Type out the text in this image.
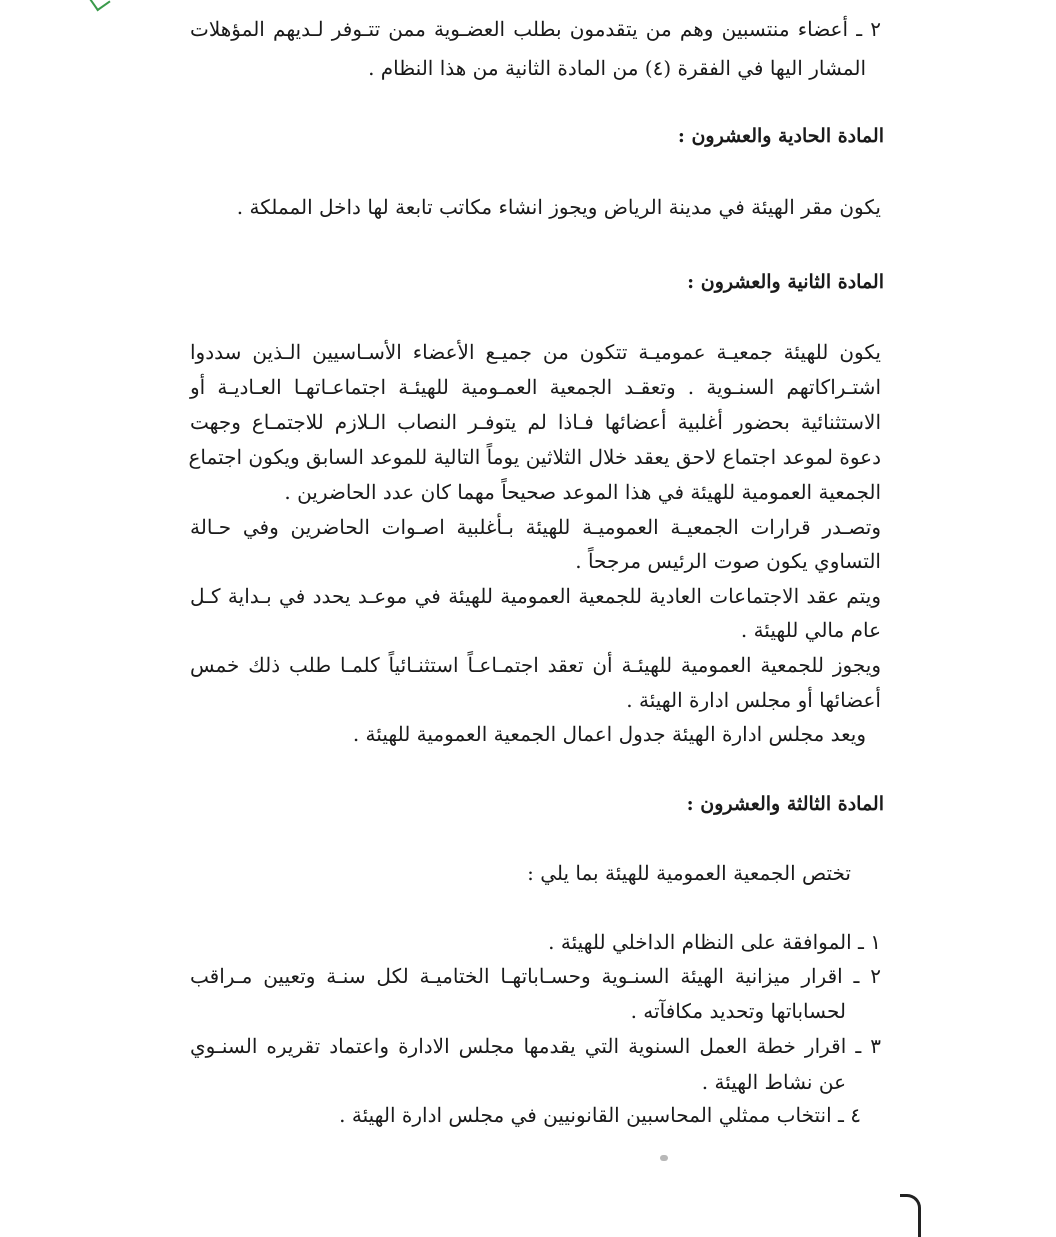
٢ ـ أعضاء منتسبين وهم من يتقدمون بطلب العضـوية ممن تتـوفر لـديهم المؤهلات
المشار اليها في الفقرة (٤) من المادة الثانية من هذا النظام .
المادة الحادية والعشرون :
يكون مقر الهيئة في مدينة الرياض ويجوز انشاء مكاتب تابعة لها داخل المملكة .
المادة الثانية والعشرون :
يكون للهيئة جمعيـة عموميـة تتكون من جميـع الأعضاء الأسـاسيين الـذين سددوا
اشتـراكاتهم السنـوية . وتعقـد الجمعية العمـومية للهيئـة اجتماعـاتهـا العـاديـة أو
الاستثنائية بحضور أغلبية أعضائها فـاذا لم يتوفـر النصاب الـلازم للاجتمـاع وجهت
دعوة لموعد اجتماع لاحق يعقد خلال الثلاثين يوماً التالية للموعد السابق ويكون اجتماع
الجمعية العمومية للهيئة في هذا الموعد صحيحاً مهما كان عدد الحاضرين .
وتصـدر قرارات الجمعيـة العموميـة للهيئة بـأغلبية اصـوات الحاضرين وفي حـالة
التساوي يكون صوت الرئيس مرجحاً .
ويتم عقد الاجتماعات العادية للجمعية العمومية للهيئة في موعـد يحدد في بـداية كـل
عام مالي للهيئة .
ويجوز للجمعية العمومية للهيئـة أن تعقد اجتمـاعـاً استثنـائياً كلمـا طلب ذلك خمس
أعضائها أو مجلس ادارة الهيئة .
ويعد مجلس ادارة الهيئة جدول اعمال الجمعية العمومية للهيئة .
المادة الثالثة والعشرون :
تختص الجمعية العمومية للهيئة بما يلي :
١ ـ الموافقة على النظام الداخلي للهيئة .
٢ ـ اقرار ميزانية الهيئة السنـوية وحسـاباتهـا الختاميـة لكل سنـة وتعيين مـراقب
لحساباتها وتحديد مكافآته .
٣ ـ اقرار خطة العمل السنوية التي يقدمها مجلس الادارة واعتماد تقريره السنـوي
عن نشاط الهيئة .
٤ ـ انتخاب ممثلي المحاسبين القانونيين في مجلس ادارة الهيئة .
